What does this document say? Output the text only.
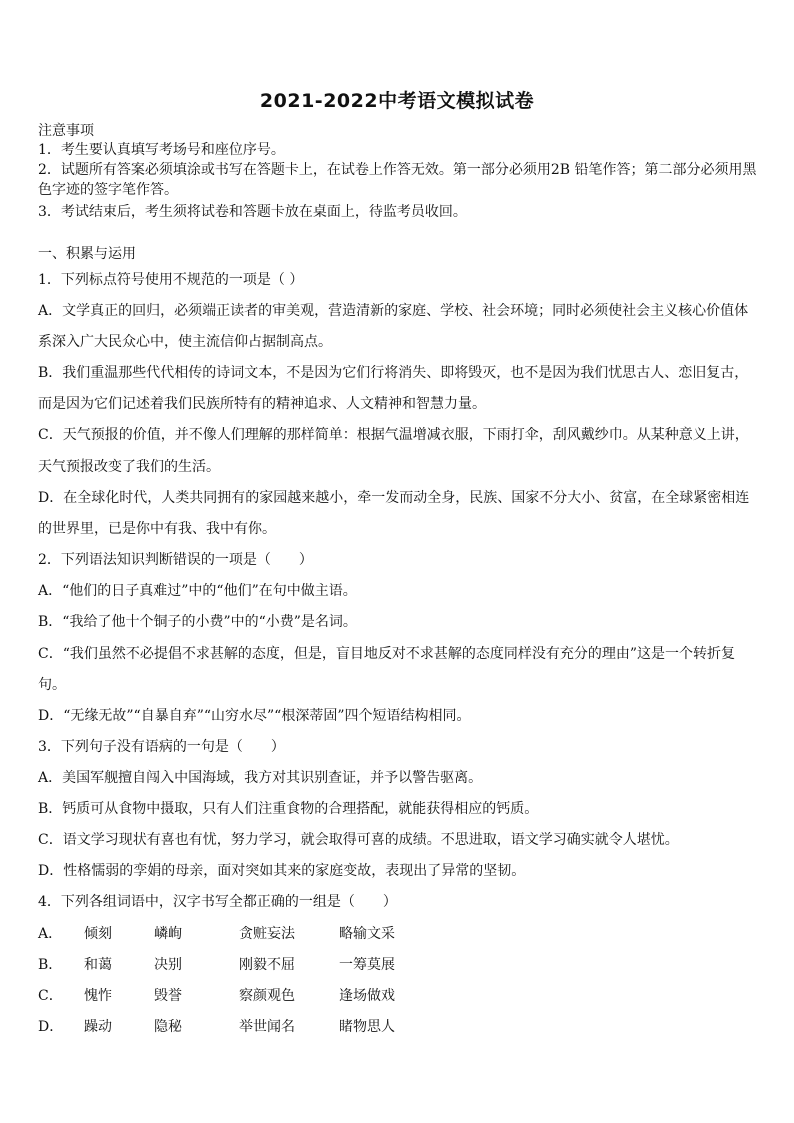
2021-2022中考语文模拟试卷
注意事项
1．考生要认真填写考场号和座位序号。
2．试题所有答案必须填涂或书写在答题卡上，在试卷上作答无效。第一部分必须用2B 铅笔作答；第二部分必须用黑
色字迹的签字笔作答。
3．考试结束后，考生须将试卷和答题卡放在桌面上，待监考员收回。
一、积累与运用
1．下列标点符号使用不规范的一项是（ ）
A．文学真正的回归，必须端正读者的审美观，营造清新的家庭、学校、社会环境；同时必须使社会主义核心价值体
系深入广大民众心中，使主流信仰占据制高点。
B．我们重温那些代代相传的诗词文本，不是因为它们行将消失、即将毁灭，也不是因为我们忧思古人、恋旧复古，
而是因为它们记述着我们民族所特有的精神追求、人文精神和智慧力量。
C．天气预报的价值，并不像人们理解的那样简单：根据气温增减衣服，下雨打伞，刮风戴纱巾。从某种意义上讲，
天气预报改变了我们的生活。
D．在全球化时代，人类共同拥有的家园越来越小，牵一发而动全身，民族、国家不分大小、贫富，在全球紧密相连
的世界里，已是你中有我、我中有你。
2．下列语法知识判断错误的一项是（　　）
A．“他们的日子真难过”中的“他们”在句中做主语。
B．“我给了他十个铜子的小费”中的“小费”是名词。
C．“我们虽然不必提倡不求甚解的态度，但是，盲目地反对不求甚解的态度同样没有充分的理由”这是一个转折复
句。
D．“无缘无故”“自暴自弃”“山穷水尽”“根深蒂固”四个短语结构相同。
3．下列句子没有语病的一句是（　　）
A．美国军舰擅自闯入中国海域，我方对其识别查证，并予以警告驱离。
B．钙质可从食物中摄取，只有人们注重食物的合理搭配，就能获得相应的钙质。
C．语文学习现状有喜也有忧，努力学习，就会取得可喜的成绩。不思进取，语文学习确实就令人堪忧。
D．性格懦弱的孪娟的母亲，面对突如其来的家庭变故，表现出了异常的坚韧。
4．下列各组词语中，汉字书写全都正确的一组是（　　）
A． 倾刻	嶙峋	贪赃妄法	略输文采
B． 和蔼	决别	刚毅不屈	一筹莫展
C． 愧怍	毁誉	察颜观色	逢场做戏
D． 躁动	隐秘	举世闻名	睹物思人
